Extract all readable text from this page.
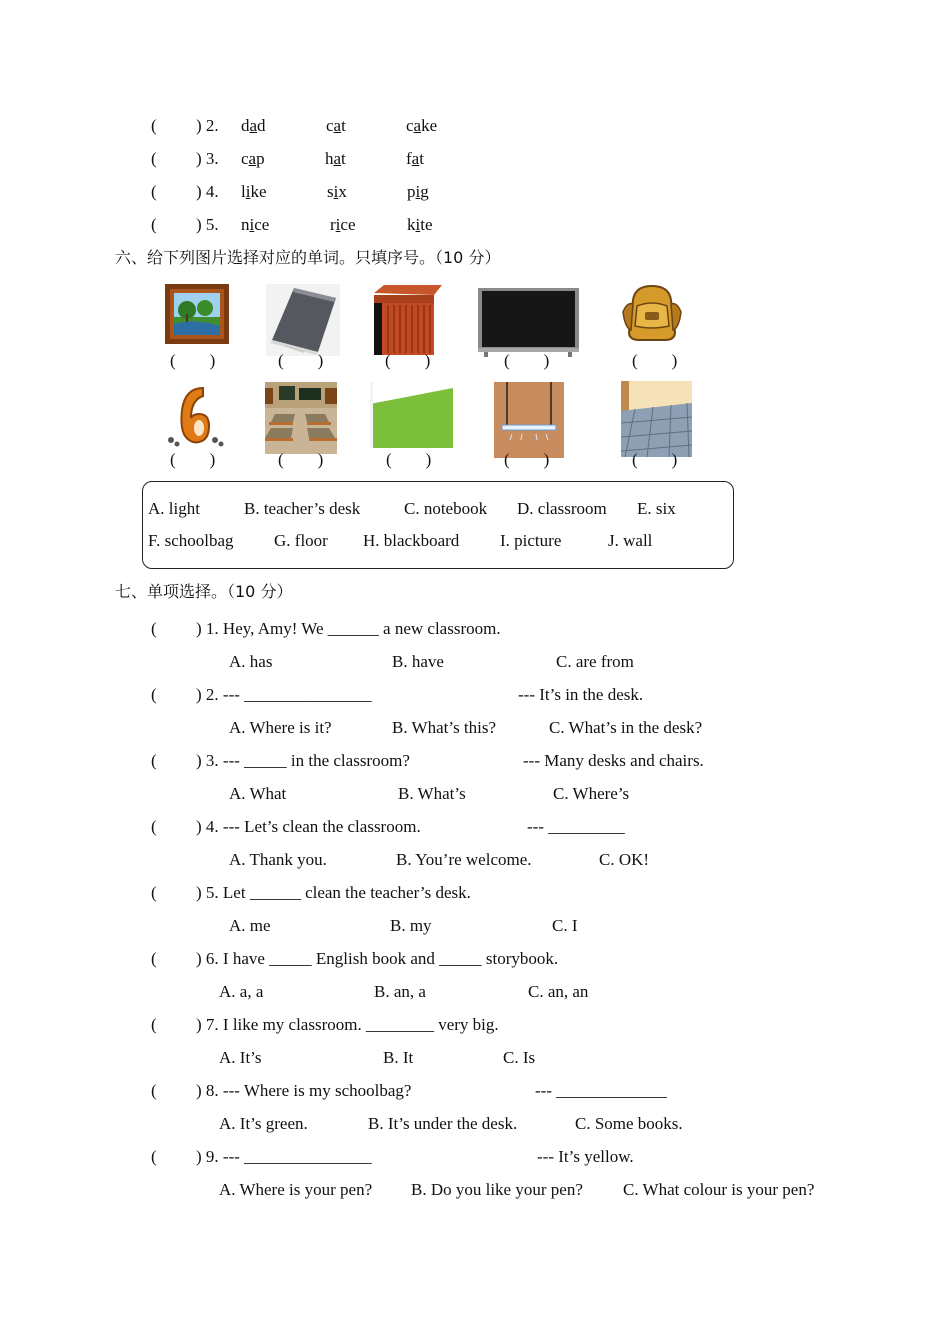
( ) 2. dad	cat	cake
( ) 3. cap	hat	fat
( ) 4. like	six	pig
( ) 5. nice	rice	kite
六、给下列图片选择对应的单词。只填序号。（10 分）
(　　)	(　　)	(　　)	(　　)	(　　)
(　　)	(　　)	(　　)	(　　)	(　　)
A. light	B. teacher’s desk	C. notebook D. classroom E. six
F. schoolbag G. floor H. blackboard I. picture	J. wall
七、单项选择。（10 分）
( ) 1. Hey, Amy! We ______ a new classroom.
A. has	B. have	C. are from
( ) 2. --- _______________	--- It’s in the desk.
A. Where is it?	B. What’s this?	C. What’s in the desk?
( ) 3. --- _____ in the classroom?	--- Many desks and chairs.
A. What	B. What’s	C. Where’s
( ) 4. --- Let’s clean the classroom.	--- _________
A. Thank you.	B. You’re welcome.	C. OK!
( ) 5. Let ______ clean the teacher’s desk.
A. me	B. my	C. I
( ) 6. I have _____ English book and _____ storybook.
A. a, a	B. an, a	C. an, an
( ) 7. I like my classroom. ________ very big.
A. It’s	B. It	C. Is
( ) 8. --- Where is my schoolbag?	--- _____________
A. It’s green.	B. It’s under the desk.	C. Some books.
( ) 9. --- _______________	--- It’s yellow.
A. Where is your pen? B. Do you like your pen? C. What colour is your pen?
